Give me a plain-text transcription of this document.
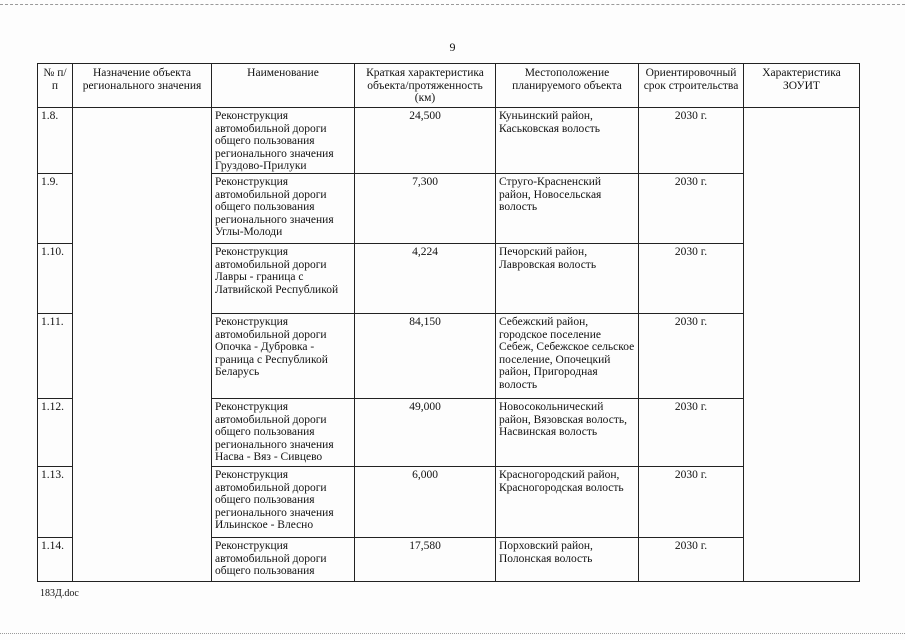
9
№ п/п	Назначение объекта регионального значения	Наименование	Краткая характеристика объекта/протяженность (км)	Местоположение планируемого объекта	Ориентировочный срок строительства	Характеристика ЗОУИТ
1.8.		Реконструкция автомобильной дороги общего пользования регионального значения Груздово-Прилуки	24,500	Куньинский район, Каськовская волость	2030 г.	
1.9.		Реконструкция автомобильной дороги общего пользования регионального значения Углы-Молоди	7,300	Струго-Красненский район, Новосельская волость	2030 г.	
1.10.		Реконструкция автомобильной дороги Лавры - граница с Латвийской Республикой	4,224	Печорский район, Лавровская волость	2030 г.	
1.11.		Реконструкция автомобильной дороги Опочка - Дубровка - граница с Республикой Беларусь	84,150	Себежский район, городское поселение Себеж, Себежское сельское поселение, Опочецкий район, Пригородная волость	2030 г.	
1.12.		Реконструкция автомобильной дороги общего пользования регионального значения Насва - Вяз - Сивцево	49,000	Новосокольнический район, Вязовская волость, Насвинская волость	2030 г.	
1.13.		Реконструкция автомобильной дороги общего пользования регионального значения Ильинское - Влесно	6,000	Красногородский район, Красногородская волость	2030 г.	
1.14.		Реконструкция автомобильной дороги общего пользования	17,580	Порховский район, Полонская волость	2030 г.	
183Д.doc
